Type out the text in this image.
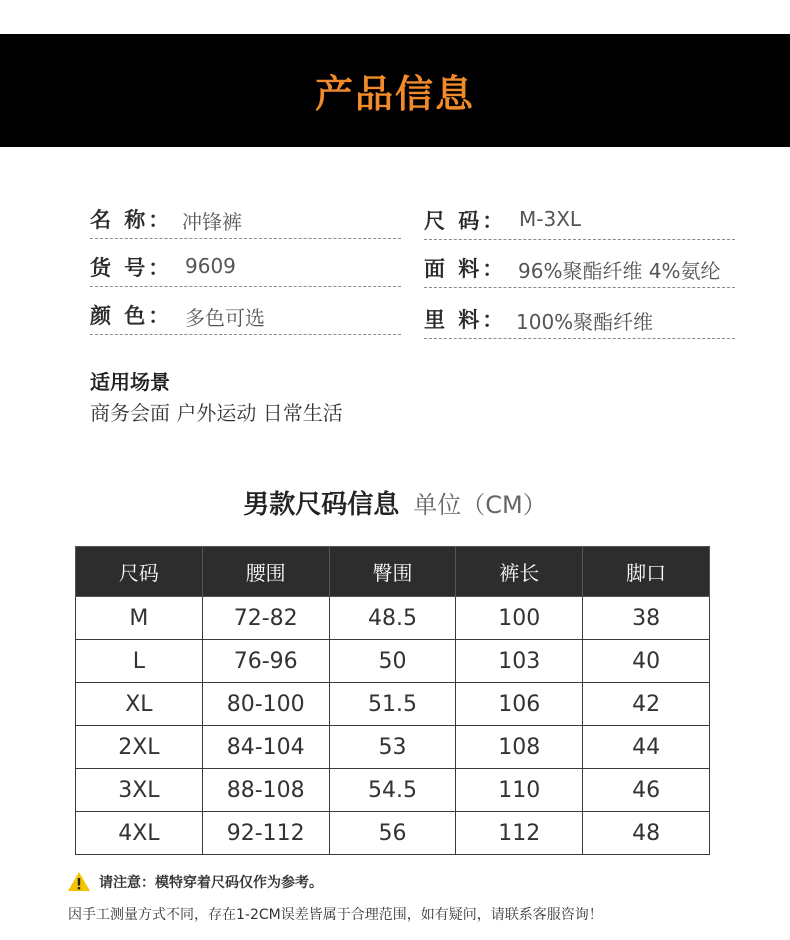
产品信息
名 称： 冲锋裤
货 号： 9609
颜 色： 多色可选
尺 码： M-3XL
面 料： 96%聚酯纤维 4%氨纶
里 料： 100%聚酯纤维
适用场景
商务会面 户外运动 日常生活
男款尺码信息 单位（CM）
尺码	腰围	臀围	裤长	脚口
M	72-82	48.5	100	38
L	76-96	50	103	40
XL	80-100	51.5	106	42
2XL	84-104	53	108	44
3XL	88-108	54.5	110	46
4XL	92-112	56	112	48
请注意：模特穿着尺码仅作为参考。
因手工测量方式不同，存在1-2CM误差皆属于合理范围，如有疑问，请联系客服咨询！
